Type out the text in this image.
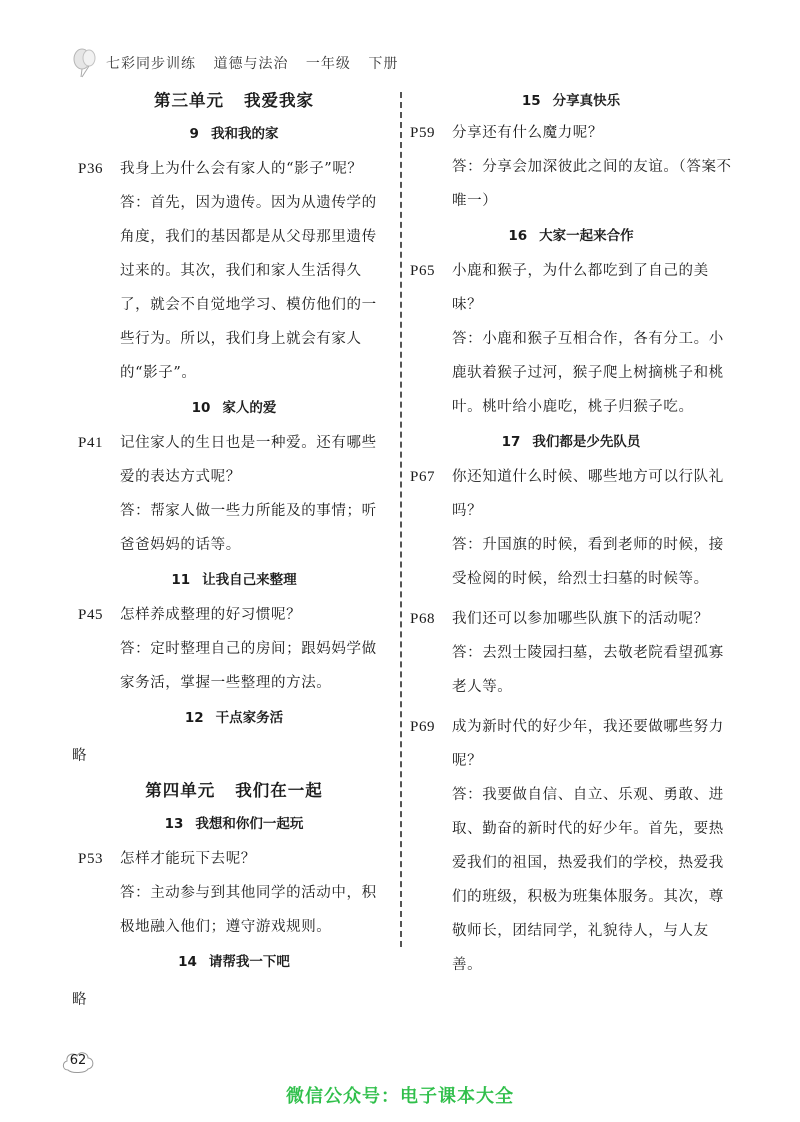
七彩同步训练 道德与法治 一年级 下册
第三单元 我爱我家
9 我和我的家
P36 我身上为什么会有家人的“影子”呢？
答：首先，因为遗传。因为从遗传学的角度，我们的基因都是从父母那里遗传过来的。其次，我们和家人生活得久了，就会不自觉地学习、模仿他们的一些行为。所以，我们身上就会有家人的“影子”。
10 家人的爱
P41 记住家人的生日也是一种爱。还有哪些爱的表达方式呢？
答：帮家人做一些力所能及的事情；听爸爸妈妈的话等。
11 让我自己来整理
P45 怎样养成整理的好习惯呢？
答：定时整理自己的房间；跟妈妈学做家务活，掌握一些整理的方法。
12 干点家务活
略
第四单元 我们在一起
13 我想和你们一起玩
P53 怎样才能玩下去呢？
答：主动参与到其他同学的活动中，积极地融入他们；遵守游戏规则。
14 请帮我一下吧
略
15 分享真快乐
P59 分享还有什么魔力呢？
答：分享会加深彼此之间的友谊。（答案不唯一）
16 大家一起来合作
P65 小鹿和猴子，为什么都吃到了自己的美味？
答：小鹿和猴子互相合作，各有分工。小鹿驮着猴子过河，猴子爬上树摘桃子和桃叶。桃叶给小鹿吃，桃子归猴子吃。
17 我们都是少先队员
P67 你还知道什么时候、哪些地方可以行队礼吗？
答：升国旗的时候，看到老师的时候，接受检阅的时候，给烈士扫墓的时候等。
P68 我们还可以参加哪些队旗下的活动呢？
答：去烈士陵园扫墓，去敬老院看望孤寡老人等。
P69 成为新时代的好少年，我还要做哪些努力呢？
答：我要做自信、自立、乐观、勇敢、进取、勤奋的新时代的好少年。首先，要热爱我们的祖国，热爱我们的学校，热爱我们的班级，积极为班集体服务。其次，尊敬师长，团结同学，礼貌待人，与人友善。
62
微信公众号：电子课本大全
